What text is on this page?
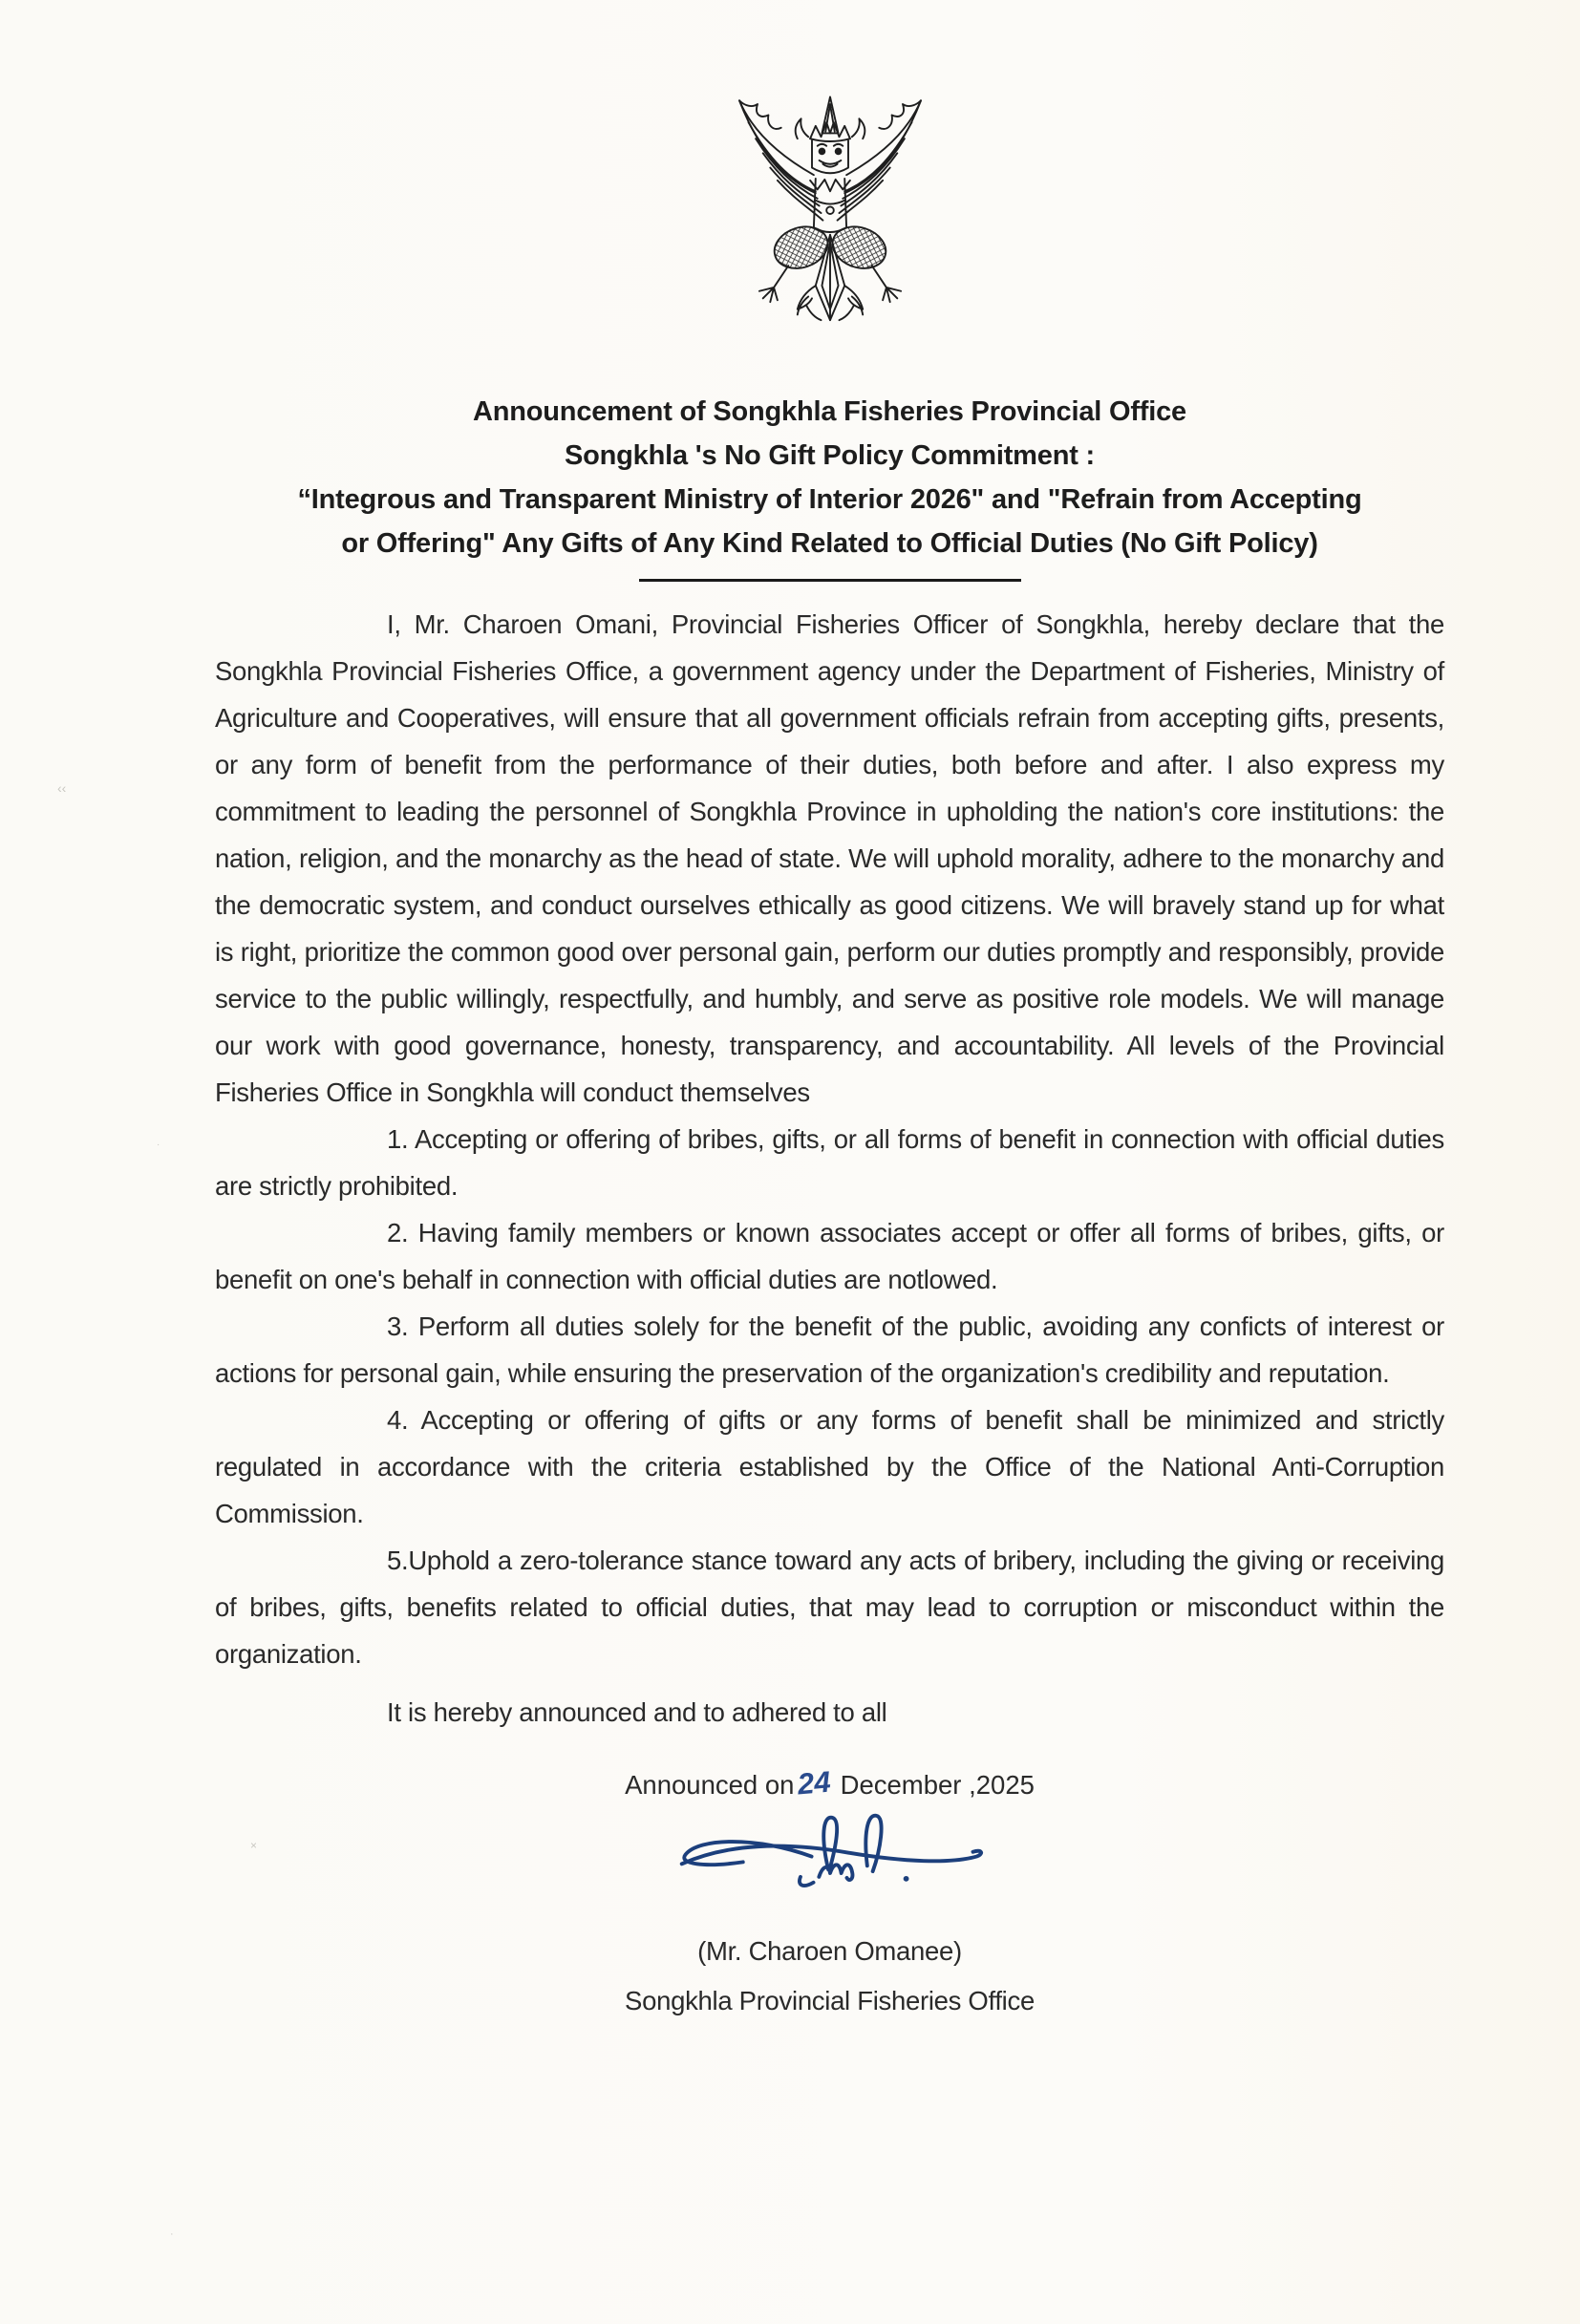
Announcement of Songkhla Fisheries Provincial Office
Songkhla 's No Gift Policy Commitment :
“Integrous and Transparent Ministry of Interior 2026" and "Refrain from Accepting
or Offering" Any Gifts of Any Kind Related to Official Duties (No Gift Policy)

I, Mr. Charoen Omani, Provincial Fisheries Officer of Songkhla, hereby declare that the Songkhla Provincial Fisheries Office, a government agency under the Department of Fisheries, Ministry of Agriculture and Cooperatives, will ensure that all government officials refrain from accepting gifts, presents, or any form of benefit from the performance of their duties, both before and after. I also express my commitment to leading the personnel of Songkhla Province in upholding the nation's core institutions: the nation, religion, and the monarchy as the head of state. We will uphold morality, adhere to the monarchy and the democratic system, and conduct ourselves ethically as good citizens. We will bravely stand up for what is right, prioritize the common good over personal gain, perform our duties promptly and responsibly, provide service to the public willingly, respectfully, and humbly, and serve as positive role models. We will manage our work with good governance, honesty, transparency, and accountability. All levels of the Provincial Fisheries Office in Songkhla will conduct themselves

1. Accepting or offering of bribes, gifts, or all forms of benefit in connection with official duties are strictly prohibited.

2. Having family members or known associates accept or offer all forms of bribes, gifts, or benefit on one's behalf in connection with official duties are notlowed.

3. Perform all duties solely for the benefit of the public, avoiding any conficts of interest or actions for personal gain, while ensuring the preservation of the organization's credibility and reputation.

4. Accepting or offering of gifts or any forms of benefit shall be minimized and strictly regulated in accordance with the criteria established by the Office of the National Anti-Corruption Commission.

5.Uphold a zero-tolerance stance toward any acts of bribery, including the giving or receiving of bribes, gifts, benefits related to official duties, that may lead to corruption or misconduct within the organization.

It is hereby announced and to adhered to all

Announced on24 December ,2025
(Mr. Charoen Omanee)
Songkhla Provincial Fisheries Office
‹‹
×
·
·
